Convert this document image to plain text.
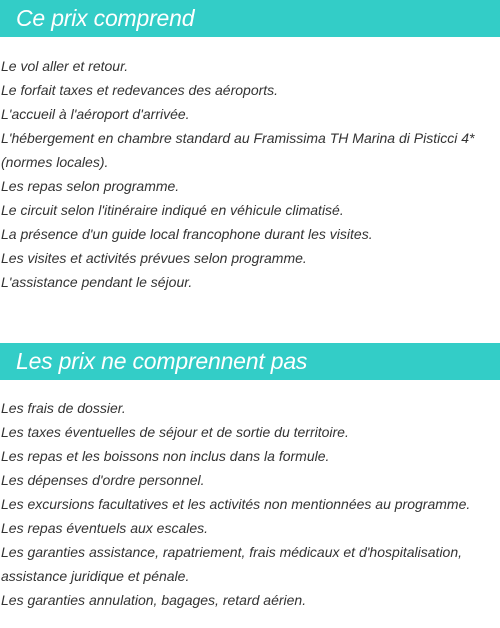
Ce prix comprend
Le vol aller et retour.
Le forfait taxes et redevances des aéroports.
L'accueil à l'aéroport d'arrivée.
L'hébergement en chambre standard au Framissima TH Marina di Pisticci 4*
(normes locales).
Les repas selon programme.
Le circuit selon l'itinéraire indiqué en véhicule climatisé.
La présence d'un guide local francophone durant les visites.
Les visites et activités prévues selon programme.
L'assistance pendant le séjour.
Les prix ne comprennent pas
Les frais de dossier.
Les taxes éventuelles de séjour et de sortie du territoire.
Les repas et les boissons non inclus dans la formule.
Les dépenses d'ordre personnel.
Les excursions facultatives et les activités non mentionnées au programme.
Les repas éventuels aux escales.
Les garanties assistance, rapatriement, frais médicaux et d'hospitalisation,
assistance juridique et pénale.
Les garanties annulation, bagages, retard aérien.
